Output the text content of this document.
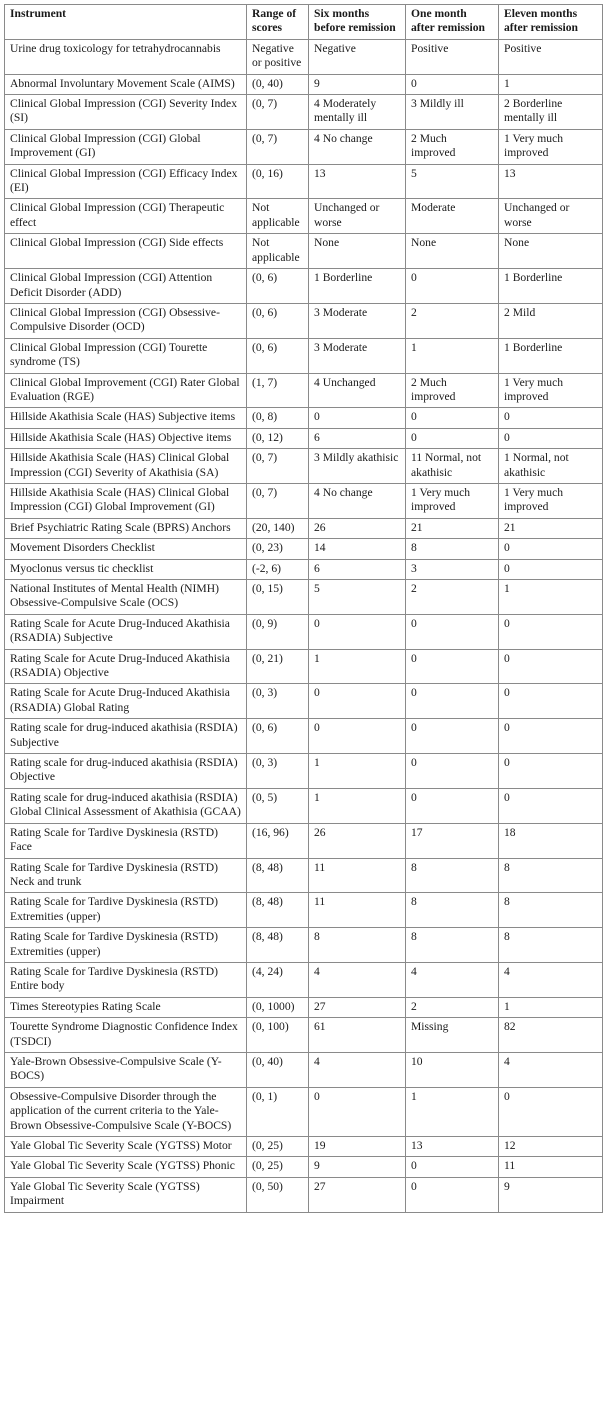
Instrument	Range of scores	Six months before remission	One month after remission	Eleven months after remission
Urine drug toxicology for tetrahydrocannabis	Negative or positive	Negative	Positive	Positive
Abnormal Involuntary Movement Scale (AIMS)	(0, 40)	9	0	1
Clinical Global Impression (CGI) Severity Index (SI)	(0, 7)	4 Moderately mentally ill	3 Mildly ill	2 Borderline mentally ill
Clinical Global Impression (CGI) Global Improvement (GI)	(0, 7)	4 No change	2 Much improved	1 Very much improved
Clinical Global Impression (CGI) Efficacy Index (EI)	(0, 16)	13	5	13
Clinical Global Impression (CGI) Therapeutic effect	Not applicable	Unchanged or worse	Moderate	Unchanged or worse
Clinical Global Impression (CGI) Side effects	Not applicable	None	None	None
Clinical Global Impression (CGI) Attention Deficit Disorder (ADD)	(0, 6)	1 Borderline	0	1 Borderline
Clinical Global Impression (CGI) Obsessive-Compulsive Disorder (OCD)	(0, 6)	3 Moderate	2	2 Mild
Clinical Global Impression (CGI) Tourette syndrome (TS)	(0, 6)	3 Moderate	1	1 Borderline
Clinical Global Improvement (CGI) Rater Global Evaluation (RGE)	(1, 7)	4 Unchanged	2 Much improved	1 Very much improved
Hillside Akathisia Scale (HAS) Subjective items	(0, 8)	0	0	0
Hillside Akathisia Scale (HAS) Objective items	(0, 12)	6	0	0
Hillside Akathisia Scale (HAS) Clinical Global Impression (CGI) Severity of Akathisia (SA)	(0, 7)	3 Mildly akathisic	11 Normal, not akathisic	1 Normal, not akathisic
Hillside Akathisia Scale (HAS) Clinical Global Impression (CGI) Global Improvement (GI)	(0, 7)	4 No change	1 Very much improved	1 Very much improved
Brief Psychiatric Rating Scale (BPRS) Anchors	(20, 140)	26	21	21
Movement Disorders Checklist	(0, 23)	14	8	0
Myoclonus versus tic checklist	(-2, 6)	6	3	0
National Institutes of Mental Health (NIMH) Obsessive-Compulsive Scale (OCS)	(0, 15)	5	2	1
Rating Scale for Acute Drug-Induced Akathisia (RSADIA) Subjective	(0, 9)	0	0	0
Rating Scale for Acute Drug-Induced Akathisia (RSADIA) Objective	(0, 21)	1	0	0
Rating Scale for Acute Drug-Induced Akathisia (RSADIA) Global Rating	(0, 3)	0	0	0
Rating scale for drug-induced akathisia (RSDIA) Subjective	(0, 6)	0	0	0
Rating scale for drug-induced akathisia (RSDIA) Objective	(0, 3)	1	0	0
Rating scale for drug-induced akathisia (RSDIA) Global Clinical Assessment of Akathisia (GCAA)	(0, 5)	1	0	0
Rating Scale for Tardive Dyskinesia (RSTD) Face	(16, 96)	26	17	18
Rating Scale for Tardive Dyskinesia (RSTD) Neck and trunk	(8, 48)	11	8	8
Rating Scale for Tardive Dyskinesia (RSTD) Extremities (upper)	(8, 48)	11	8	8
Rating Scale for Tardive Dyskinesia (RSTD) Extremities (upper)	(8, 48)	8	8	8
Rating Scale for Tardive Dyskinesia (RSTD) Entire body	(4, 24)	4	4	4
Times Stereotypies Rating Scale	(0, 1000)	27	2	1
Tourette Syndrome Diagnostic Confidence Index (TSDCI)	(0, 100)	61	Missing	82
Yale-Brown Obsessive-Compulsive Scale (Y-BOCS)	(0, 40)	4	10	4
Obsessive-Compulsive Disorder through the application of the current criteria to the Yale-Brown Obsessive-Compulsive Scale (Y-BOCS)	(0, 1)	0	1	0
Yale Global Tic Severity Scale (YGTSS) Motor	(0, 25)	19	13	12
Yale Global Tic Severity Scale (YGTSS) Phonic	(0, 25)	9	0	11
Yale Global Tic Severity Scale (YGTSS) Impairment	(0, 50)	27	0	9
